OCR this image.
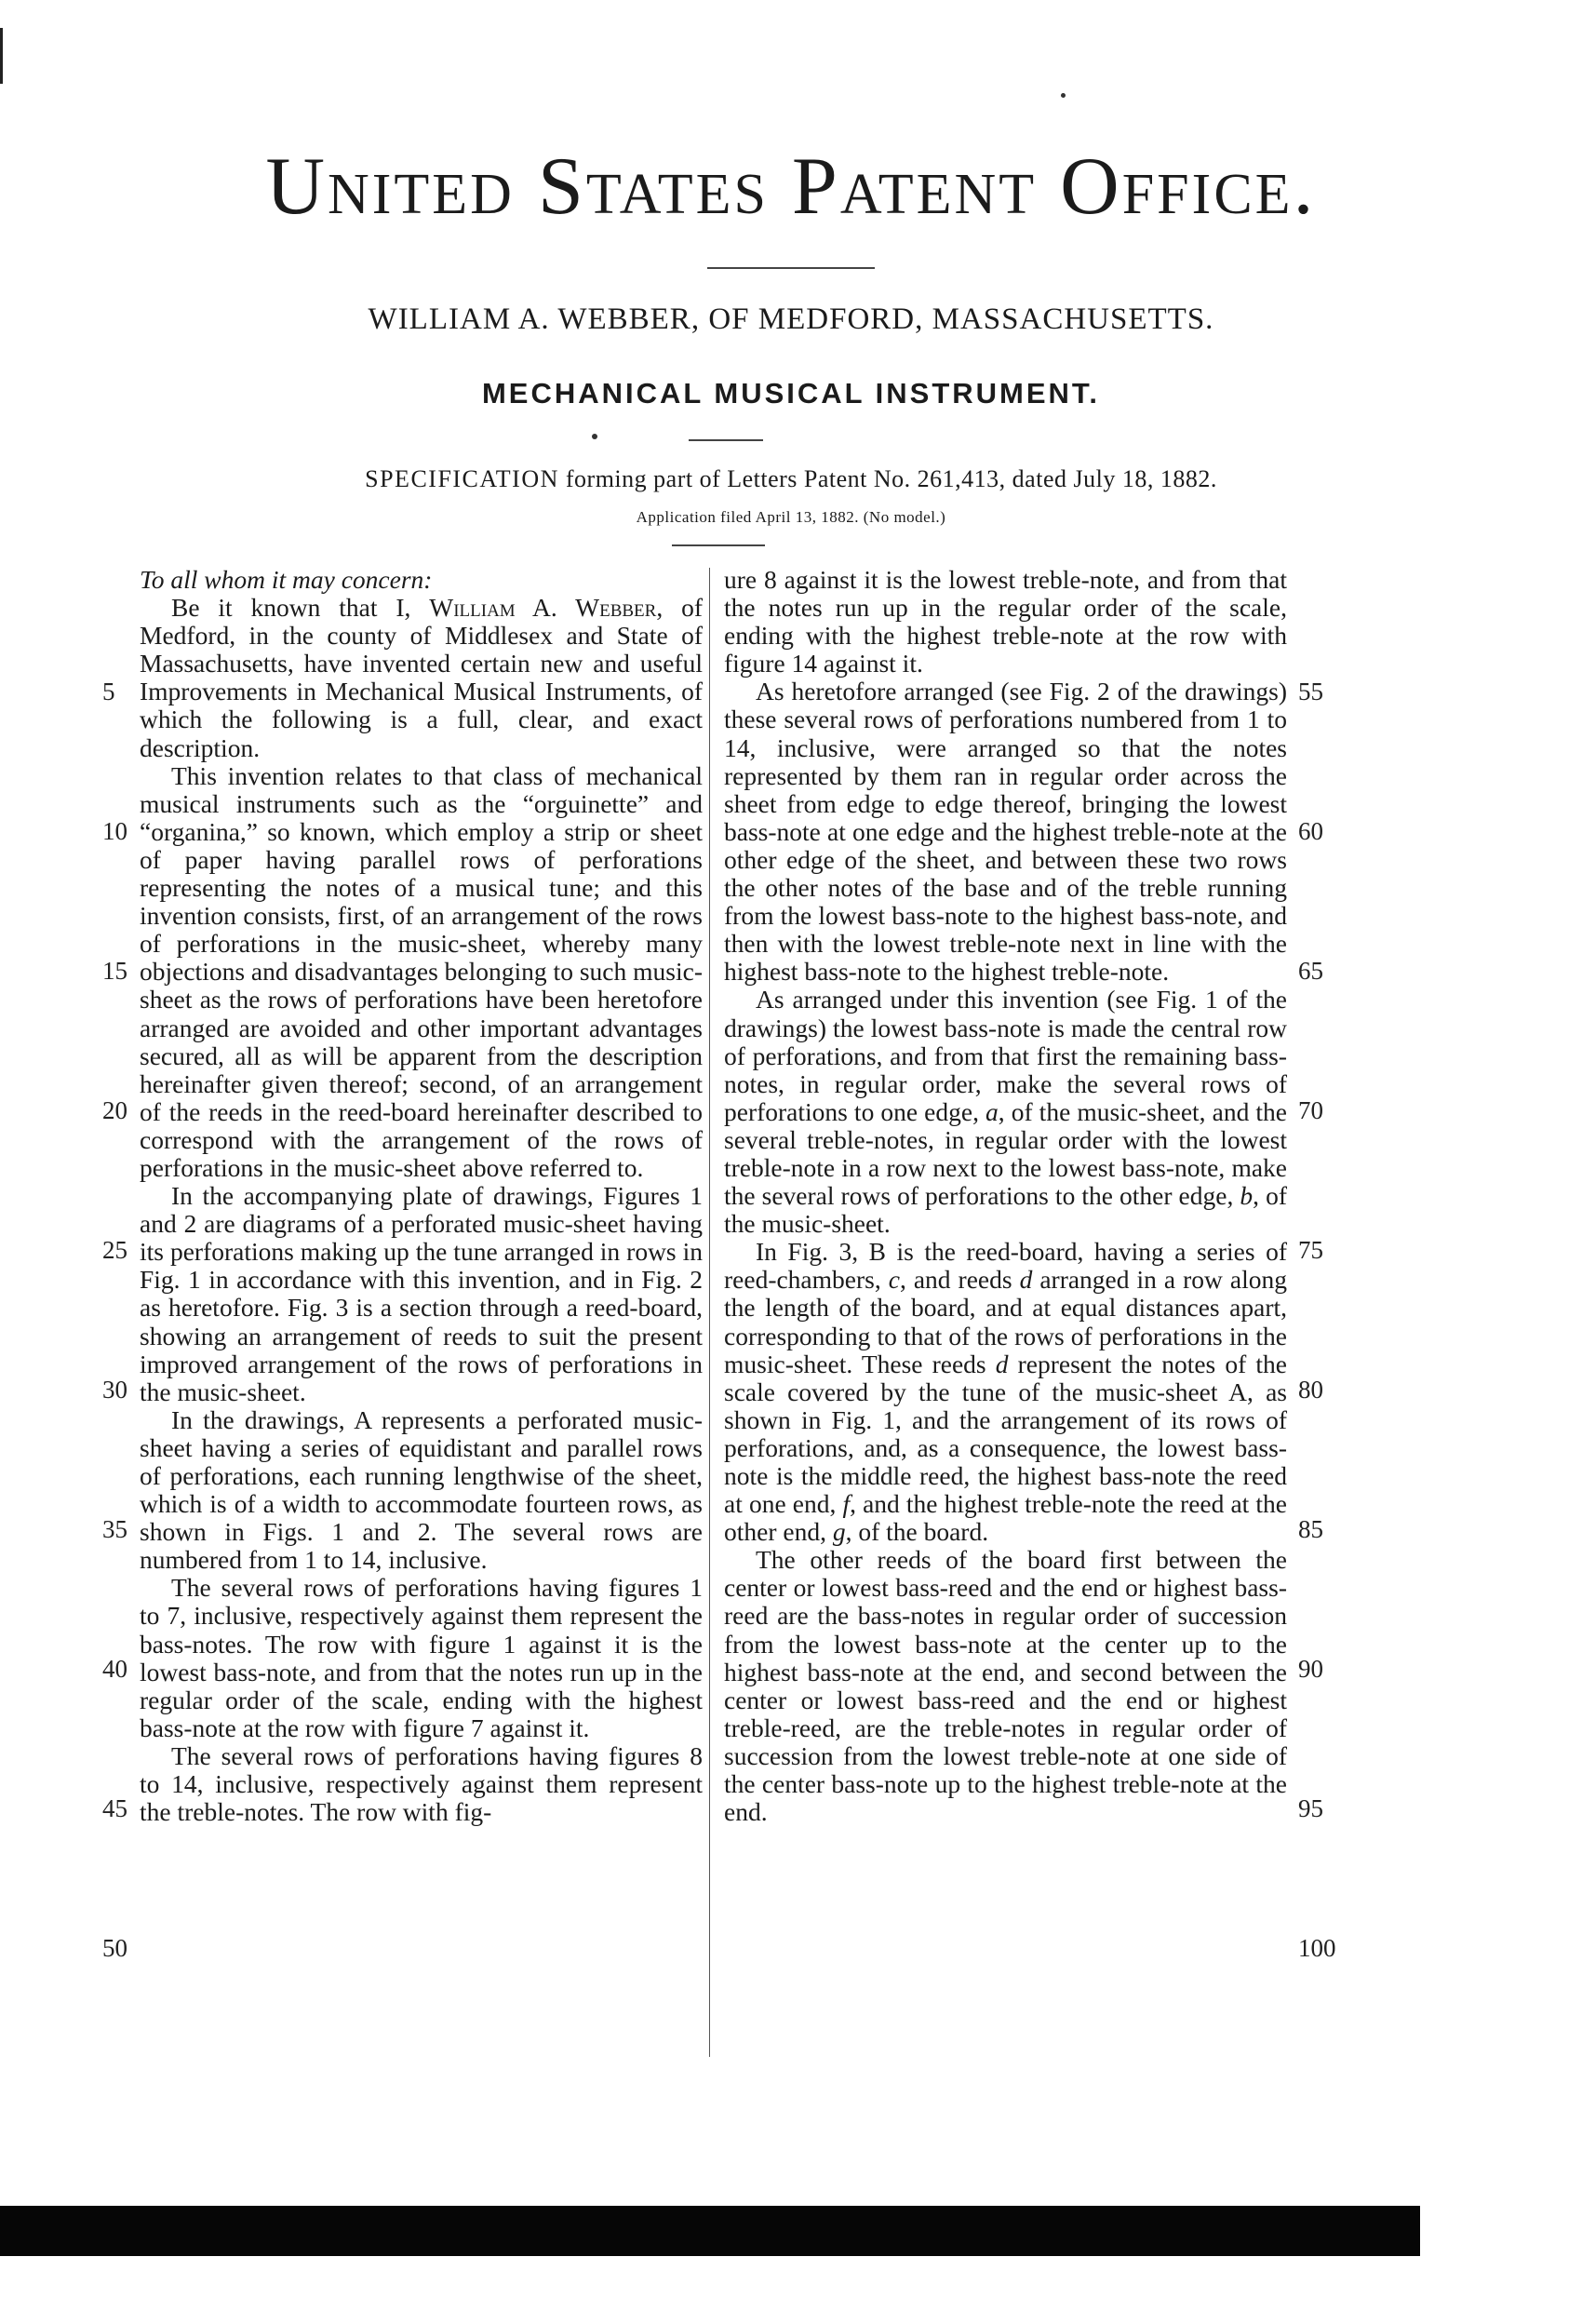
United States Patent Office.
WILLIAM A. WEBBER, OF MEDFORD, MASSACHUSETTS.
MECHANICAL MUSICAL INSTRUMENT.
SPECIFICATION forming part of Letters Patent No. 261,413, dated July 18, 1882.
Application filed April 13, 1882. (No model.)

To all whom it may concern:

Be it known that I, William A. Webber, of Medford, in the county of Middlesex and State of Massachusetts, have invented certain new and useful Improvements in Mechanical Musical Instruments, of which the following is a full, clear, and exact description.

This invention relates to that class of mechanical musical instruments such as the “orguinette” and “organina,” so known, which employ a strip or sheet of paper having parallel rows of perforations representing the notes of a musical tune; and this invention consists, first, of an arrangement of the rows of perforations in the music-sheet, whereby many objections and disadvantages belonging to such music-sheet as the rows of perforations have been heretofore arranged are avoided and other important advantages secured, all as will be apparent from the description hereinafter given thereof; second, of an arrangement of the reeds in the reed-board hereinafter described to correspond with the arrangement of the rows of perforations in the music-sheet above referred to.

In the accompanying plate of drawings, Figures 1 and 2 are diagrams of a perforated music-sheet having its perforations making up the tune arranged in rows in Fig. 1 in accordance with this invention, and in Fig. 2 as heretofore. Fig. 3 is a section through a reed-board, showing an arrangement of reeds to suit the present improved arrangement of the rows of perforations in the music-sheet.

In the drawings, A represents a perforated music-sheet having a series of equidistant and parallel rows of perforations, each running lengthwise of the sheet, which is of a width to accommodate fourteen rows, as shown in Figs. 1 and 2. The several rows are numbered from 1 to 14, inclusive.

The several rows of perforations having figures 1 to 7, inclusive, respectively against them represent the bass-notes. The row with figure 1 against it is the lowest bass-note, and from that the notes run up in the regular order of the scale, ending with the highest bass-note at the row with figure 7 against it.

The several rows of perforations having figures 8 to 14, inclusive, respectively against them represent the treble-notes. The row with fig-

ure 8 against it is the lowest treble-note, and from that the notes run up in the regular order of the scale, ending with the highest treble-note at the row with figure 14 against it.

As heretofore arranged (see Fig. 2 of the drawings) these several rows of perforations numbered from 1 to 14, inclusive, were arranged so that the notes represented by them ran in regular order across the sheet from edge to edge thereof, bringing the lowest bass-note at one edge and the highest treble-note at the other edge of the sheet, and between these two rows the other notes of the base and of the treble running from the lowest bass-note to the highest bass-note, and then with the lowest treble-note next in line with the highest bass-note to the highest treble-note.

As arranged under this invention (see Fig. 1 of the drawings) the lowest bass-note is made the central row of perforations, and from that first the remaining bass-notes, in regular order, make the several rows of perforations to one edge, a, of the music-sheet, and the several treble-notes, in regular order with the lowest treble-note in a row next to the lowest bass-note, make the several rows of perforations to the other edge, b, of the music-sheet.

In Fig. 3, B is the reed-board, having a series of reed-chambers, c, and reeds d arranged in a row along the length of the board, and at equal distances apart, corresponding to that of the rows of perforations in the music-sheet. These reeds d represent the notes of the scale covered by the tune of the music-sheet A, as shown in Fig. 1, and the arrangement of its rows of perforations, and, as a consequence, the lowest bass-note is the middle reed, the highest bass-note the reed at one end, f, and the highest treble-note the reed at the other end, g, of the board.

The other reeds of the board first between the center or lowest bass-reed and the end or highest bass-reed are the bass-notes in regular order of succession from the lowest bass-note at the center up to the highest bass-note at the end, and second between the center or lowest bass-reed and the end or highest treble-reed, are the treble-notes in regular order of succession from the lowest treble-note at one side of the center bass-note up to the highest treble-note at the end.

5
10
15
20
25
30
35
40
45
50
55
60
65
70
75
80
85
90
95
100
